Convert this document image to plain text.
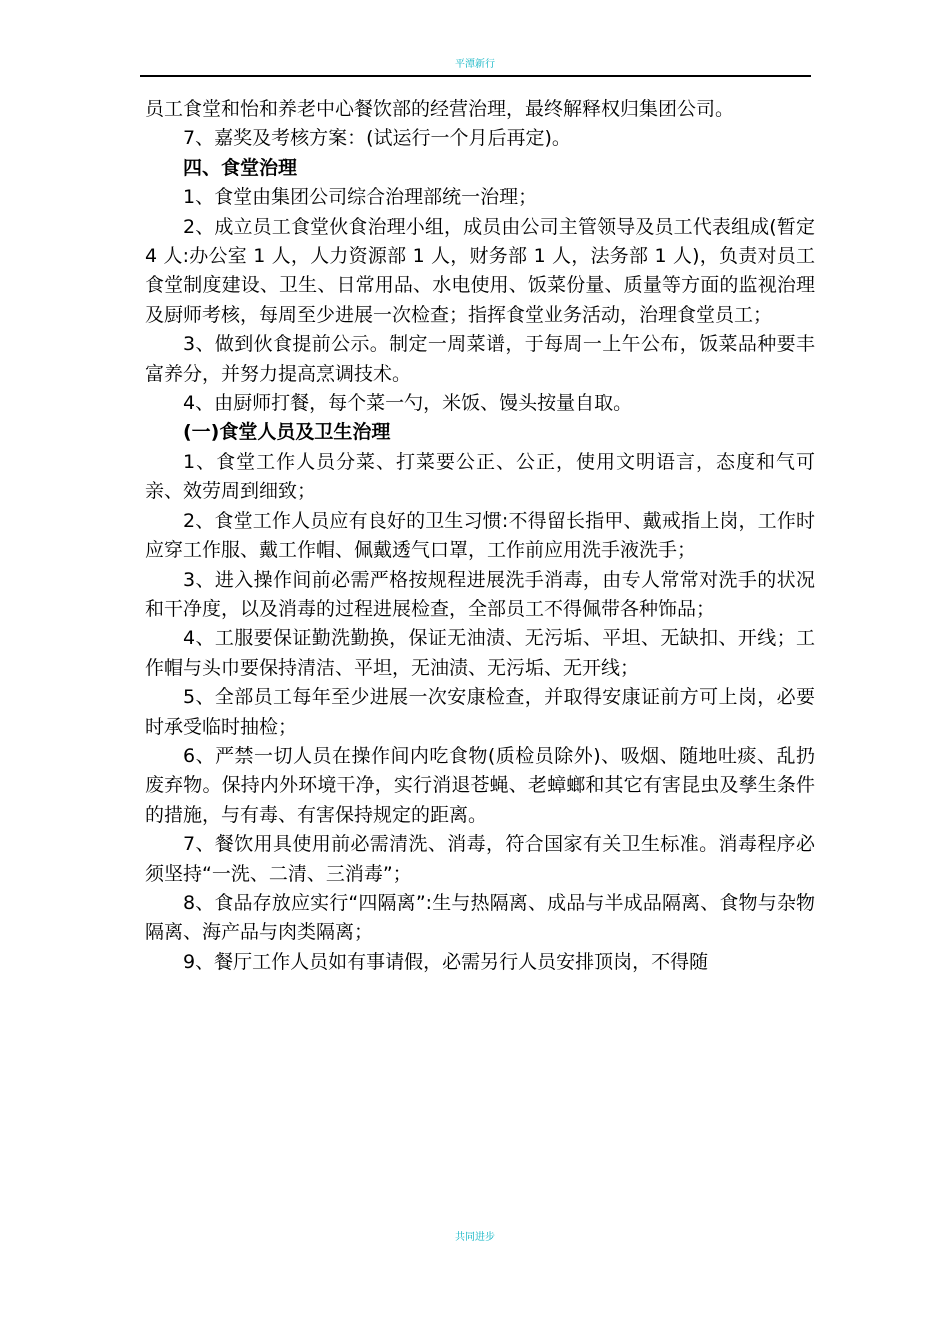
平潭新行

员工食堂和怡和养老中心餐饮部的经营治理，最终解释权归集团公司。

7、嘉奖及考核方案：(试运行一个月后再定)。

四、食堂治理

1、食堂由集团公司综合治理部统一治理；

2、成立员工食堂伙食治理小组，成员由公司主管领导及员工代表组成(暂定 4 人:办公室 1 人，人力资源部 1 人，财务部 1 人，法务部 1 人)，负责对员工食堂制度建设、卫生、日常用品、水电使用、饭菜份量、质量等方面的监视治理及厨师考核，每周至少进展一次检查；指挥食堂业务活动，治理食堂员工；

3、做到伙食提前公示。制定一周菜谱，于每周一上午公布，饭菜品种要丰富养分，并努力提高烹调技术。

4、由厨师打餐，每个菜一勺，米饭、馒头按量自取。

(一)食堂人员及卫生治理

1、食堂工作人员分菜、打菜要公正、公正，使用文明语言，态度和气可亲、效劳周到细致；

2、食堂工作人员应有良好的卫生习惯:不得留长指甲、戴戒指上岗，工作时应穿工作服、戴工作帽、佩戴透气口罩，工作前应用洗手液洗手；

3、进入操作间前必需严格按规程进展洗手消毒，由专人常常对洗手的状况和干净度，以及消毒的过程进展检查，全部员工不得佩带各种饰品；

4、工服要保证勤洗勤换，保证无油渍、无污垢、平坦、无缺扣、开线；工作帽与头巾要保持清洁、平坦，无油渍、无污垢、无开线；

5、全部员工每年至少进展一次安康检查，并取得安康证前方可上岗，必要时承受临时抽检；

6、严禁一切人员在操作间内吃食物(质检员除外)、吸烟、随地吐痰、乱扔废弃物。保持内外环境干净，实行消退苍蝇、老蟑螂和其它有害昆虫及孳生条件的措施，与有毒、有害保持规定的距离。

7、餐饮用具使用前必需清洗、消毒，符合国家有关卫生标准。消毒程序必 须坚持“一洗、二清、三消毒”；

8、食品存放应实行“四隔离”:生与热隔离、成品与半成品隔离、食物与杂物隔离、海产品与肉类隔离；

9、餐厅工作人员如有事请假，必需另行人员安排顶岗，不得随

共同进步
